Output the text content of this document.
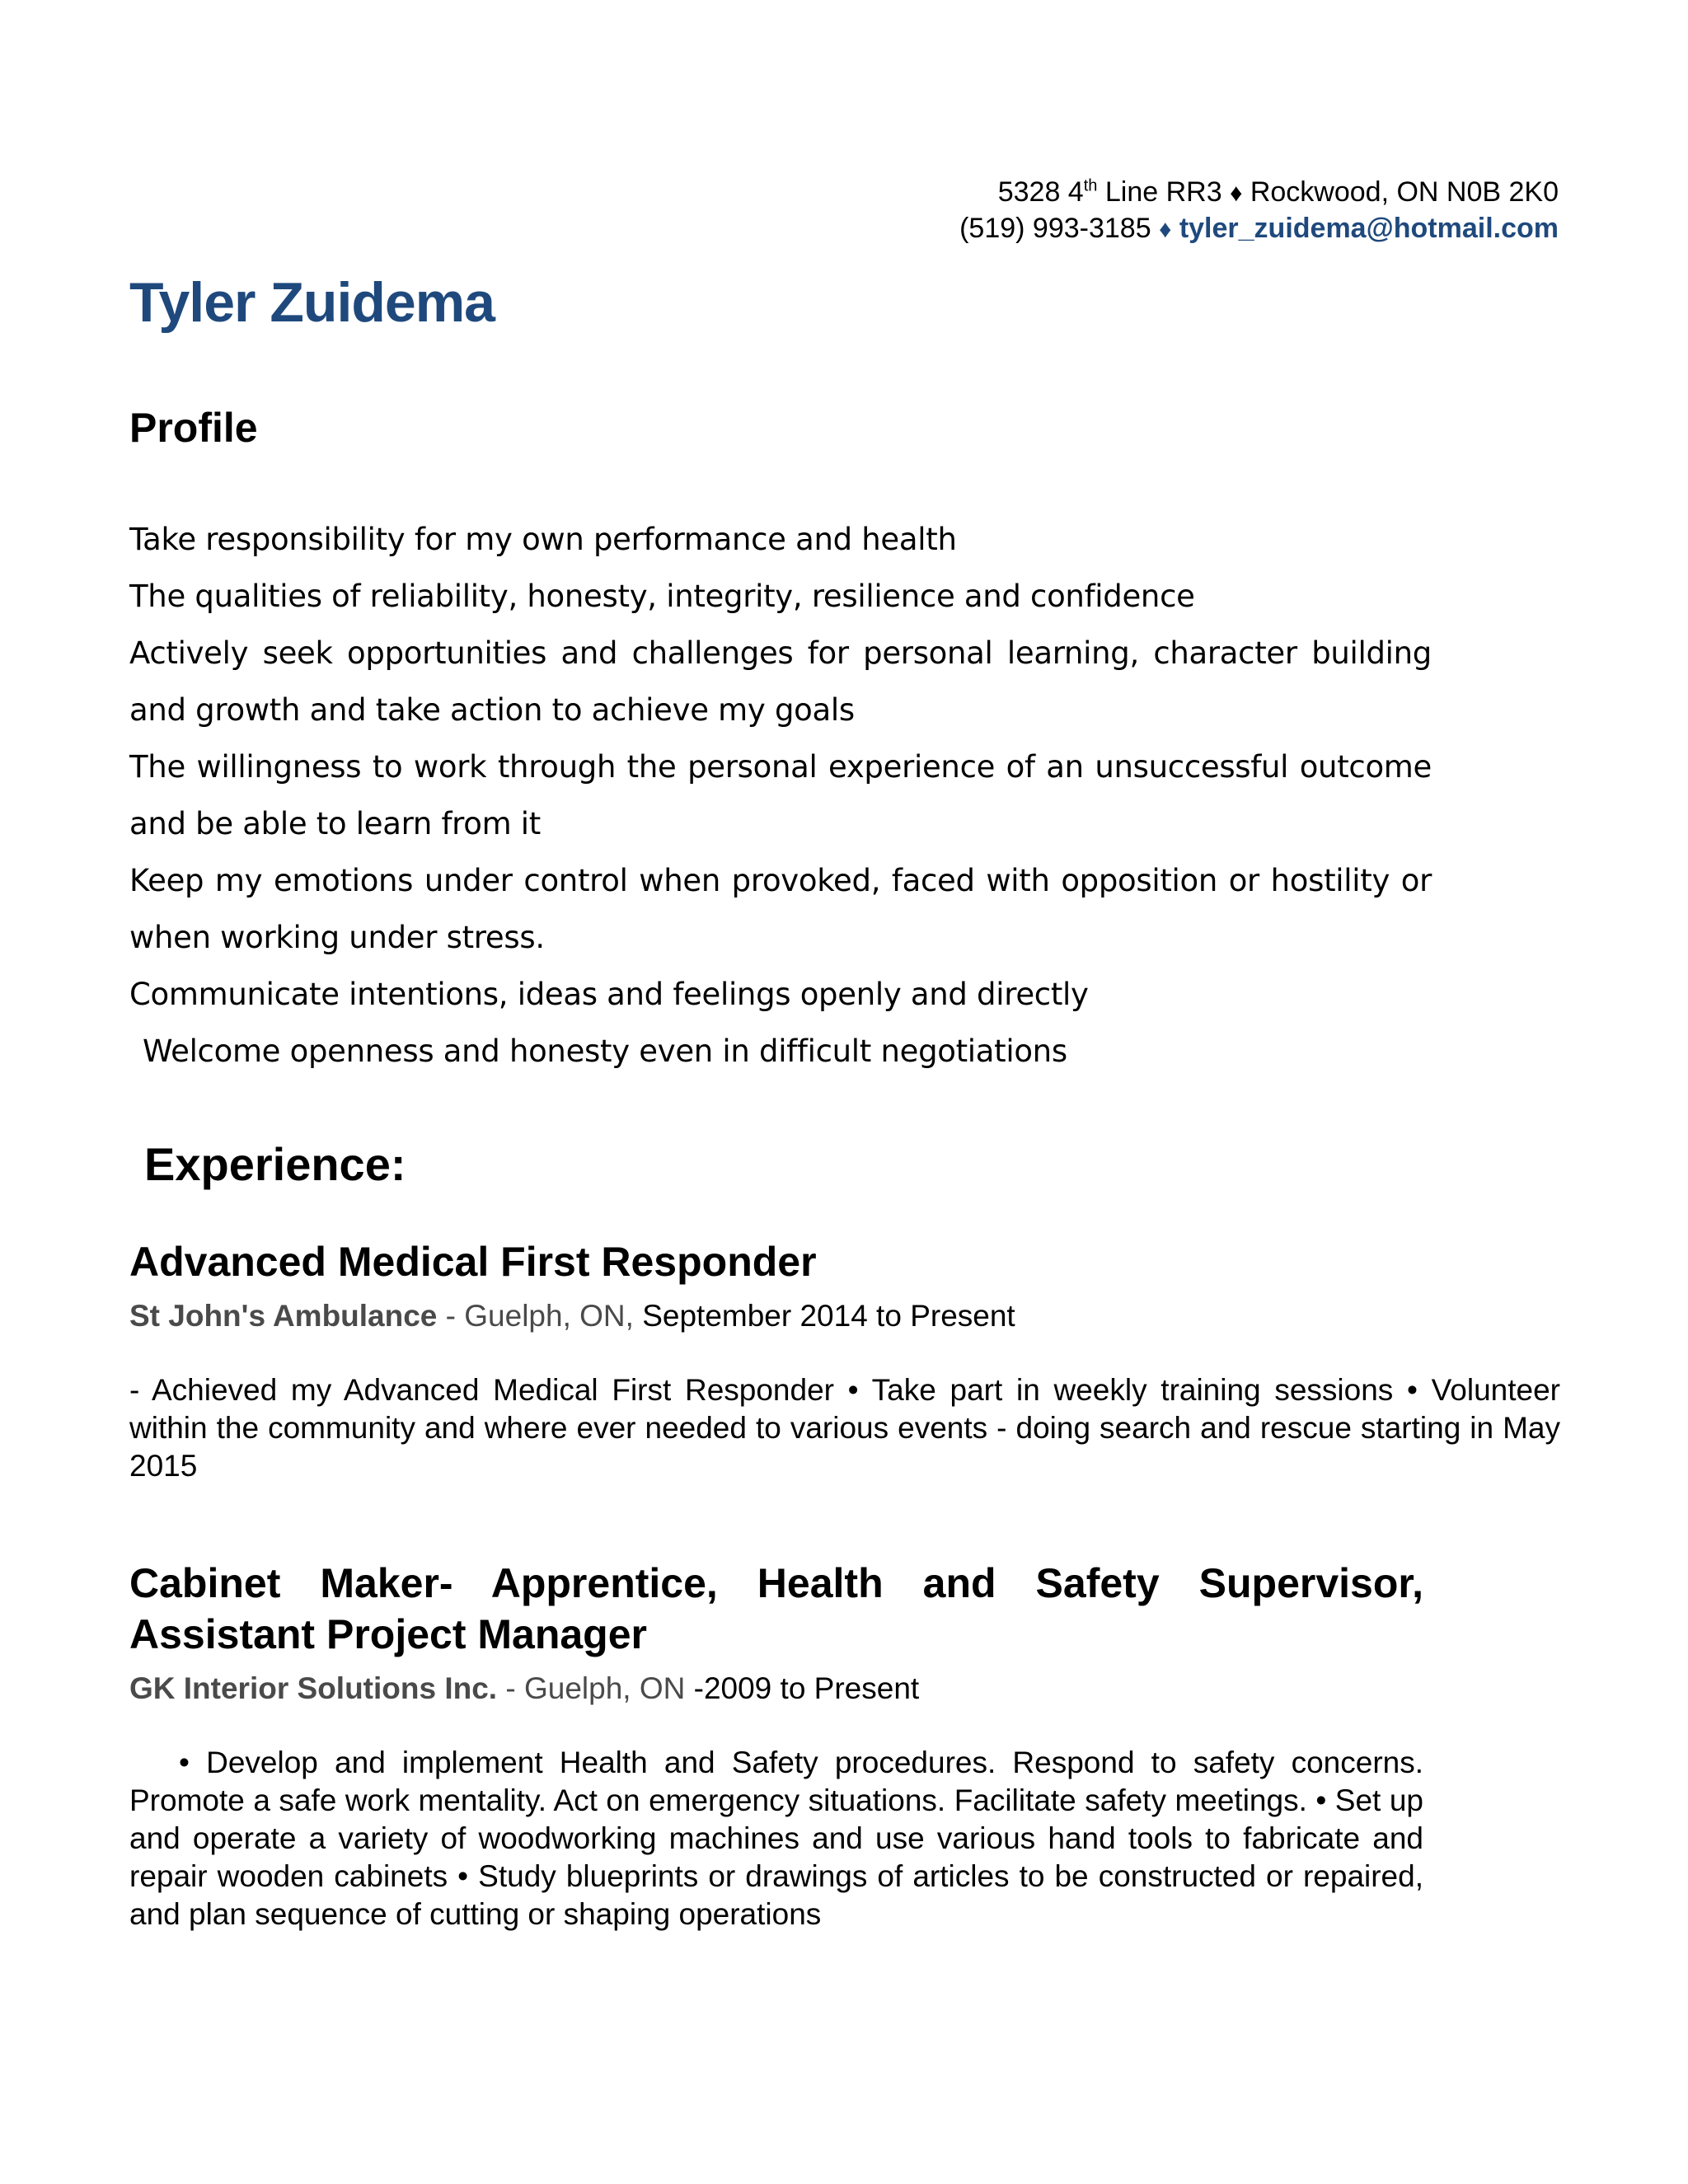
5328 4th Line RR3 ♦ Rockwood, ON N0B 2K0
(519) 993-3185 ♦ tyler_zuidema@hotmail.com
Tyler Zuidema
Profile
Take responsibility for my own performance and health
The qualities of reliability, honesty, integrity, resilience and confidence
Actively seek opportunities and challenges for personal learning, character building
and growth and take action to achieve my goals
The willingness to work through the personal experience of an unsuccessful outcome
and be able to learn from it
Keep my emotions under control when provoked, faced with opposition or hostility or
when working under stress.
Communicate intentions, ideas and feelings openly and directly
Welcome openness and honesty even in difficult negotiations
Experience:
Advanced Medical First Responder

St John's Ambulance - Guelph, ON, September 2014 to Present

- Achieved my Advanced Medical First Responder • Take part in weekly training sessions • Volunteer within the community and where ever needed to various events - doing search and rescue starting in May 2015

Cabinet Maker- Apprentice, Health and Safety Supervisor, Assistant Project Manager

GK Interior Solutions Inc. - Guelph, ON -2009 to Present

• Develop and implement Health and Safety procedures. Respond to safety concerns. Promote a safe work mentality. Act on emergency situations. Facilitate safety meetings. • Set up and operate a variety of woodworking machines and use various hand tools to fabricate and repair wooden cabinets • Study blueprints or drawings of articles to be constructed or repaired, and plan sequence of cutting or shaping operations
